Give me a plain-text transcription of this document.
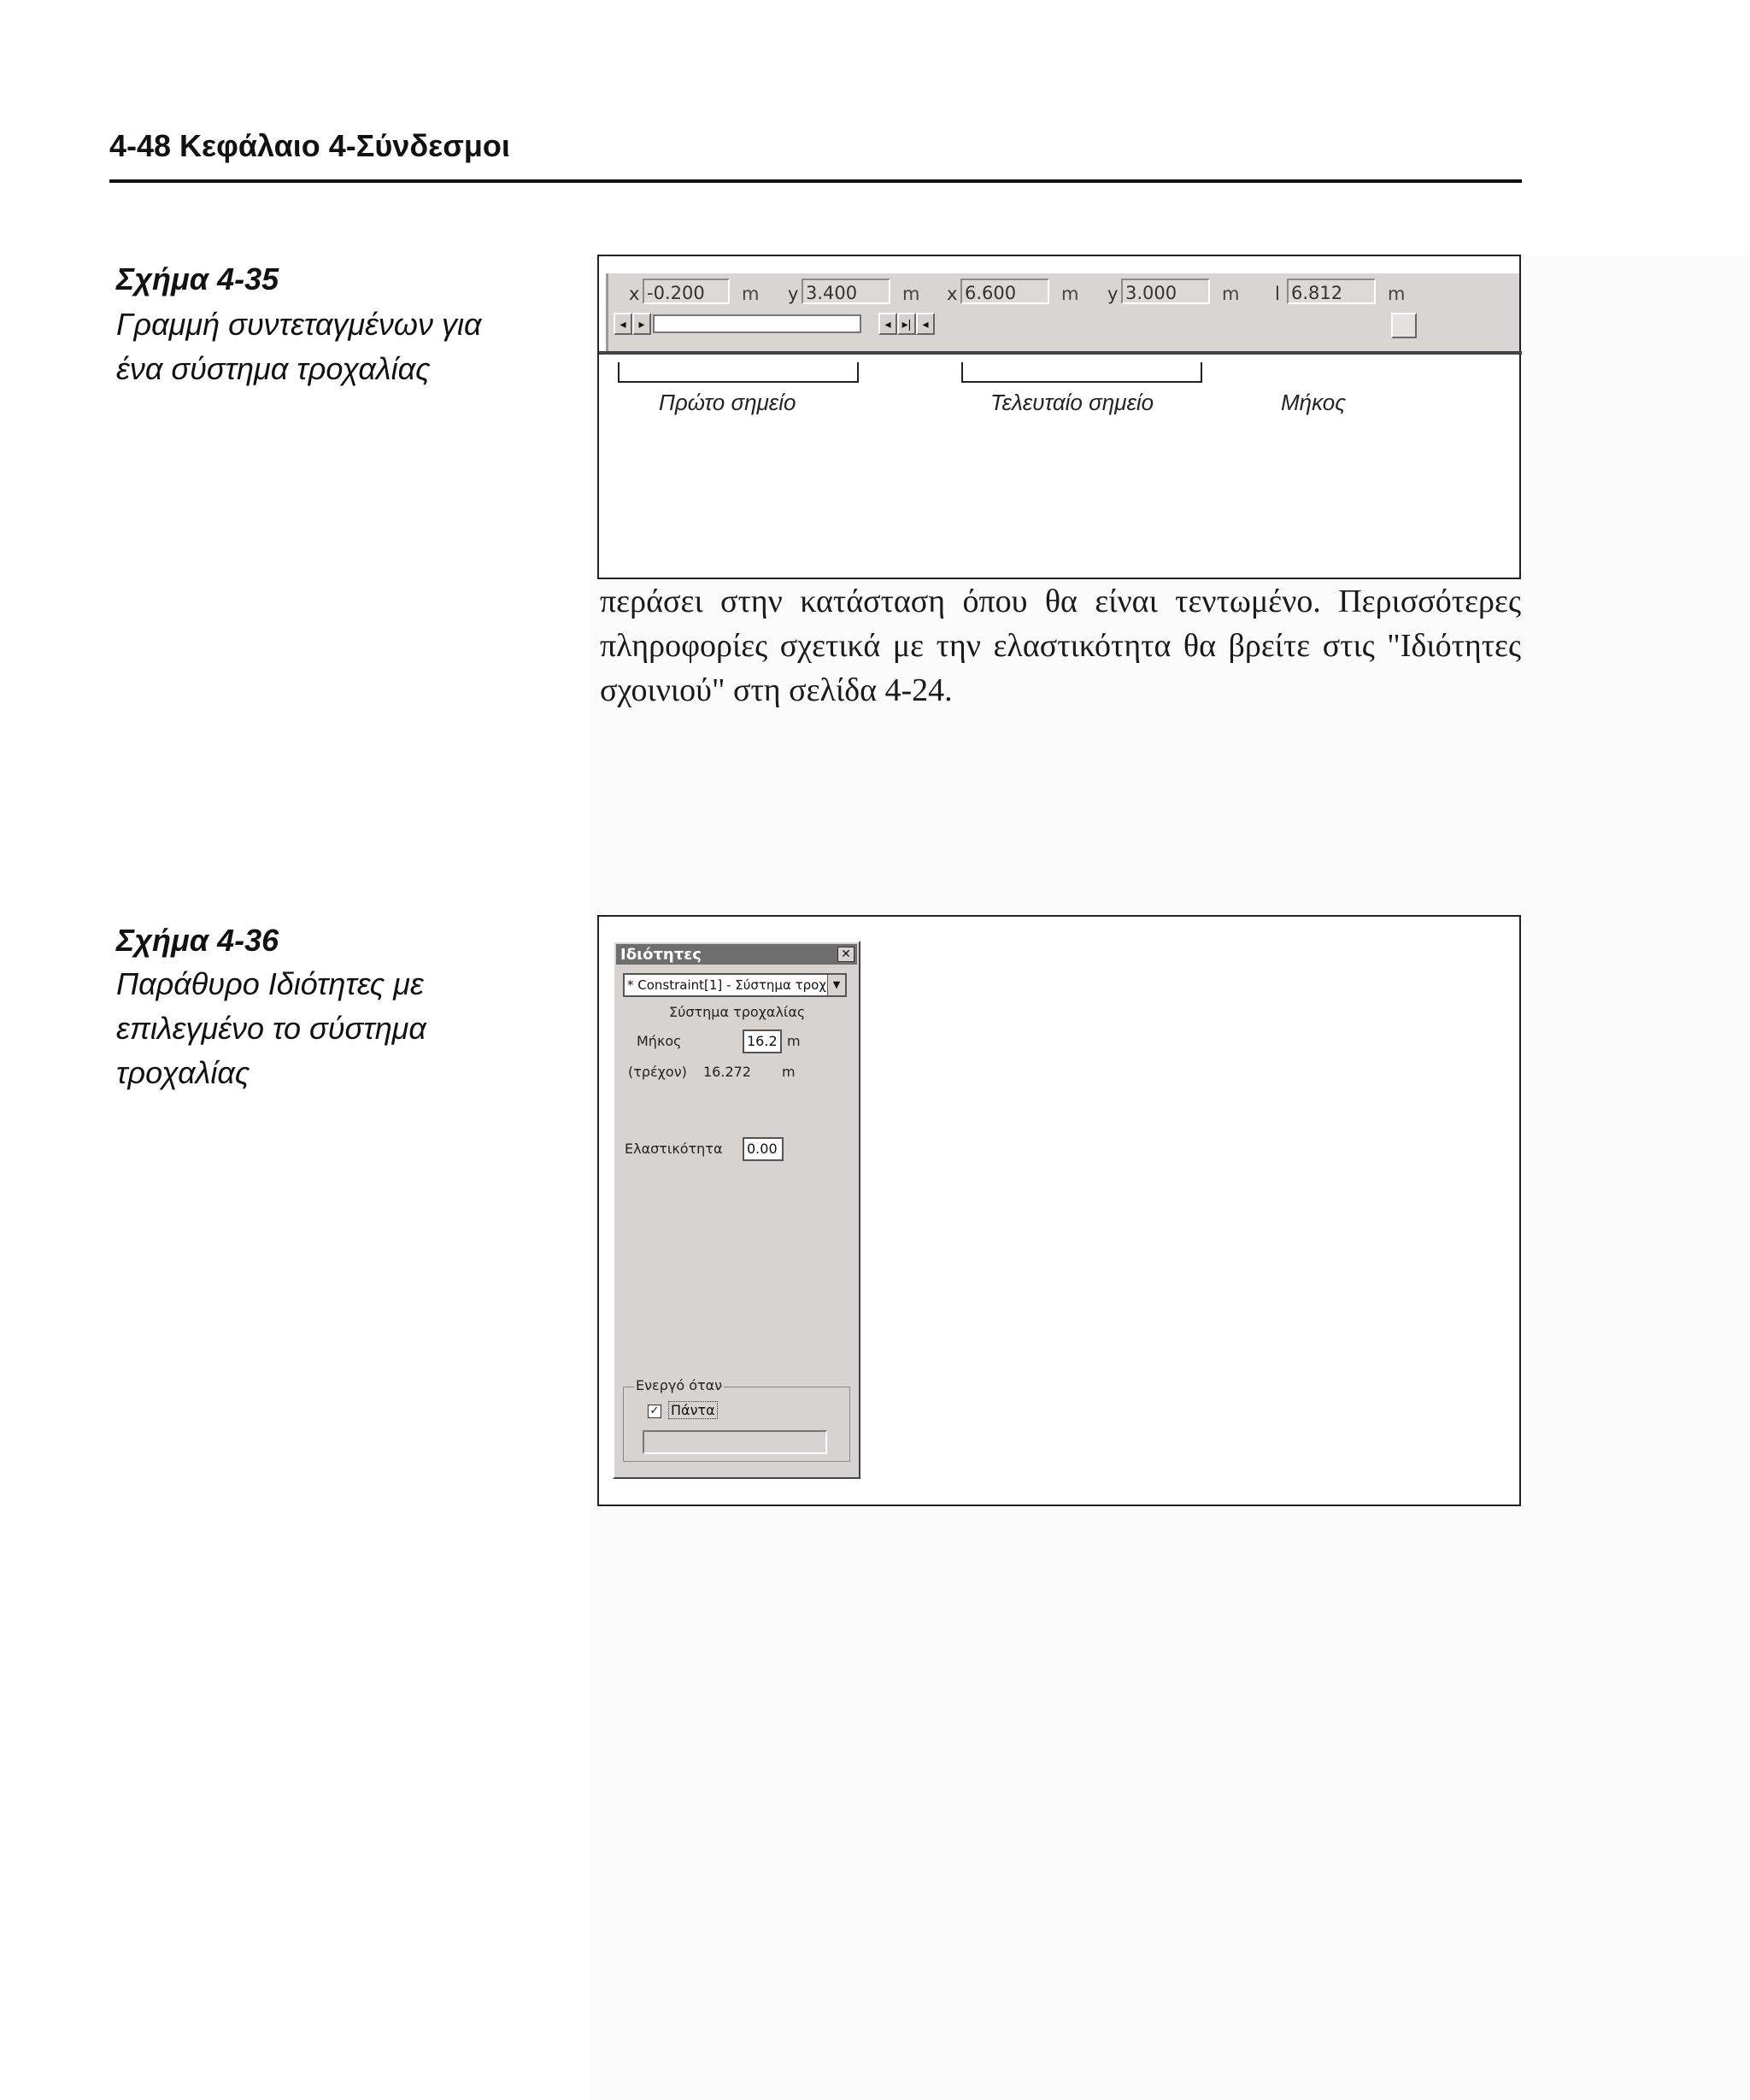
4-48 Κεφάλαιο 4-Σύνδεσμοι
Σχήμα 4-35
Γραμμή συντεταγμένων για
ένα σύστημα τροχαλίας
x -0.200	m y 3.400	m x 6.600	m y 3.000	m l 6.812	m
◂	▸	◂ ▸| ◂
Πρώτο σημείο	Τελευταίο σημείο	Μήκος
περάσει στην κατάσταση όπου θα είναι τεντωμένο. Περισσότερες πληροφορίες σχετικά με την ελαστικότητα θα βρείτε στις "Ιδιότητες σχοινιού" στη σελίδα 4-24.
Σχήμα 4-36
Παράθυρο Ιδιότητες με
επιλεγμένο το σύστημα
τροχαλίας
Ιδιότητες	✕
* Constraint[1] - Σύστημα τροχ ▼
Σύστημα τροχαλίας
Μήκος	16.2 m
(τρέχον) 16.272 m
Ελαστικότητα	0.00
Ενεργό όταν
✓ Πάντα
